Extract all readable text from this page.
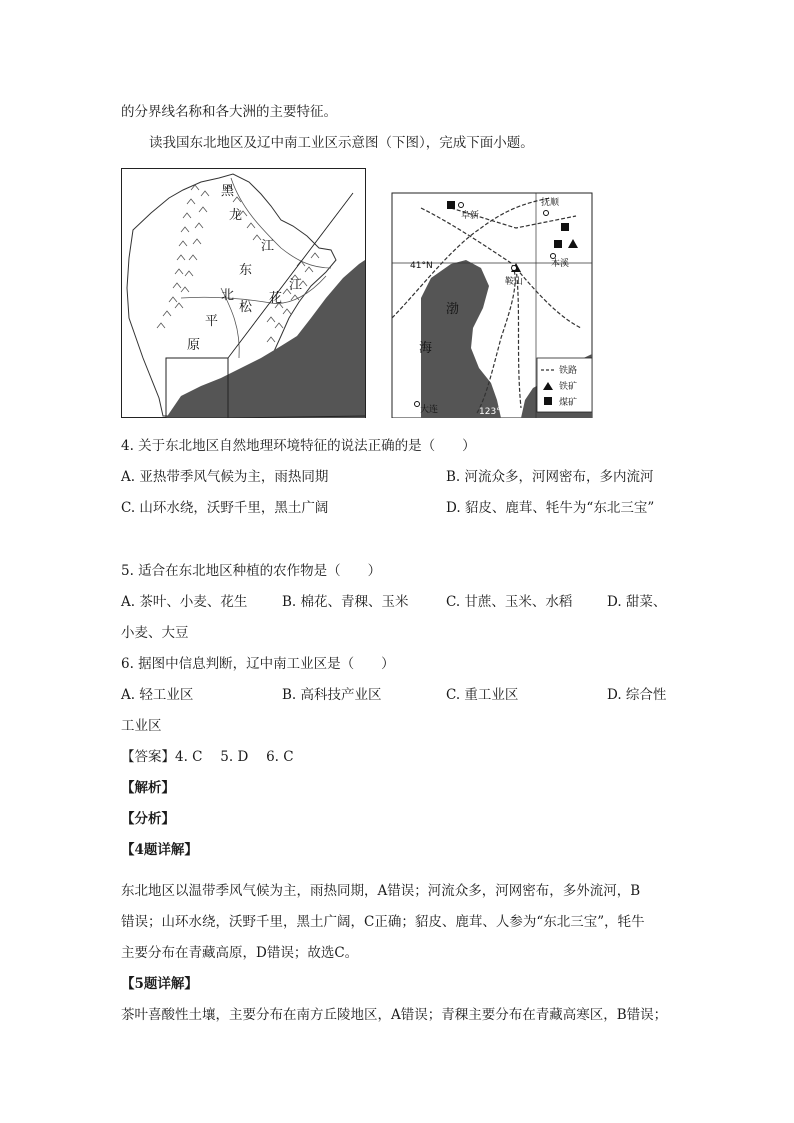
的分界线名称和各大洲的主要特征。
读我国东北地区及辽中南工业区示意图（下图），完成下面小题。
黑
龙
江
东
北
松
花
江
平
原
阜新
抚顺
本溪
鞍山
大连
41°N
123°E
渤
海
铁路
铁矿
煤矿
4. 关于东北地区自然地理环境特征的说法正确的是（　　）
A. 亚热带季风气候为主，雨热同期	B. 河流众多，河网密布，多内流河
C. 山环水绕，沃野千里，黑土广阔	D. 貂皮、鹿茸、牦牛为“东北三宝”
5. 适合在东北地区种植的农作物是（　　）
A. 茶叶、小麦、花生	B. 棉花、青稞、玉米	C. 甘蔗、玉米、水稻	D. 甜菜、
小麦、大豆
6. 据图中信息判断，辽中南工业区是（　　）
A. 轻工业区	B. 高科技产业区	C. 重工业区	D. 综合性
工业区
【答案】4. C　 5. D　 6. C
【解析】
【分析】
【4题详解】
东北地区以温带季风气候为主，雨热同期，A错误；河流众多，河网密布，多外流河，B
错误；山环水绕，沃野千里，黑土广阔，C正确；貂皮、鹿茸、人参为“东北三宝”，牦牛
主要分布在青藏高原，D错误；故选C。
【5题详解】
茶叶喜酸性土壤，主要分布在南方丘陵地区，A错误；青稞主要分布在青藏高寒区，B错误；
